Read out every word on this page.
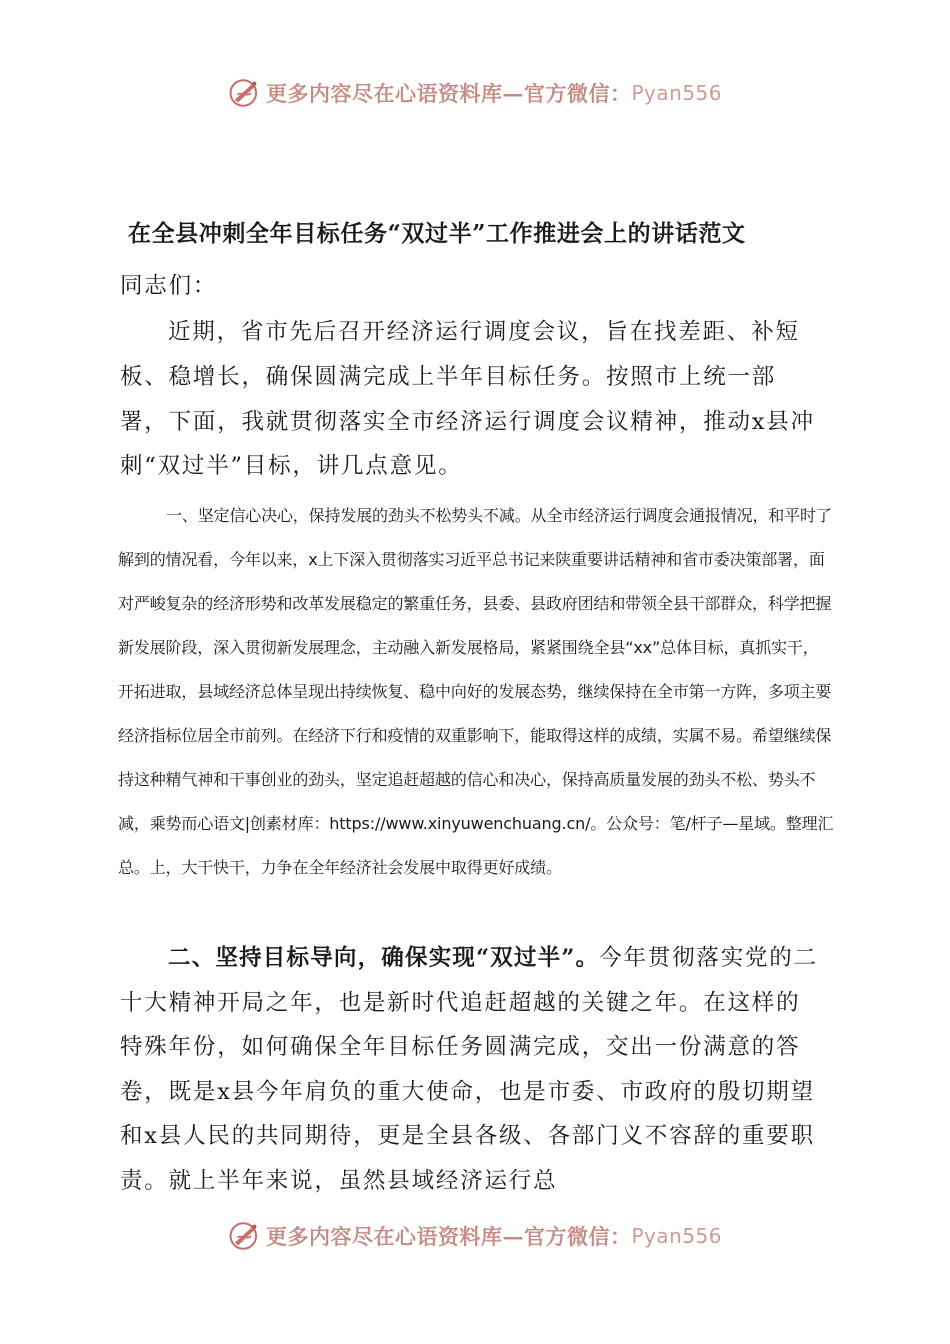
更多内容尽在心语资料库—官方微信： Pyan556
在全县冲刺全年目标任务“双过半”工作推进会上的讲话范文
同志们：
近期，省市先后召开经济运行调度会议，旨在找差距、补短板、稳增长，确保圆满完成上半年目标任务。按照市上统一部署，下面，我就贯彻落实全市经济运行调度会议精神，推动x县冲刺“双过半”目标，讲几点意见。
一、坚定信心决心，保持发展的劲头不松势头不减。从全市经济运行调度会通报情况，和平时了解到的情况看，今年以来，x上下深入贯彻落实习近平总书记来陕重要讲话精神和省市委决策部署，面对严峻复杂的经济形势和改革发展稳定的繁重任务，县委、县政府团结和带领全县干部群众，科学把握新发展阶段，深入贯彻新发展理念，主动融入新发展格局，紧紧围绕全县“xx”总体目标，真抓实干，开拓进取，县域经济总体呈现出持续恢复、稳中向好的发展态势，继续保持在全市第一方阵，多项主要经济指标位居全市前列。在经济下行和疫情的双重影响下，能取得这样的成绩，实属不易。希望继续保持这种精气神和干事创业的劲头，坚定追赶超越的信心和决心，保持高质量发展的劲头不松、势头不减，乘势而心语文|创素材库：https://www.xinyuwenchuang.cn/。公众号：笔/杆子—星域。整理汇总。上，大干快干，力争在全年经济社会发展中取得更好成绩。
二、坚持目标导向，确保实现“双过半”。今年贯彻落实党的二十大精神开局之年，也是新时代追赶超越的关键之年。在这样的特殊年份，如何确保全年目标任务圆满完成，交出一份满意的答卷，既是x县今年肩负的重大使命，也是市委、市政府的殷切期望和x县人民的共同期待，更是全县各级、各部门义不容辞的重要职责。就上半年来说，虽然县域经济运行总
更多内容尽在心语资料库—官方微信： Pyan556
